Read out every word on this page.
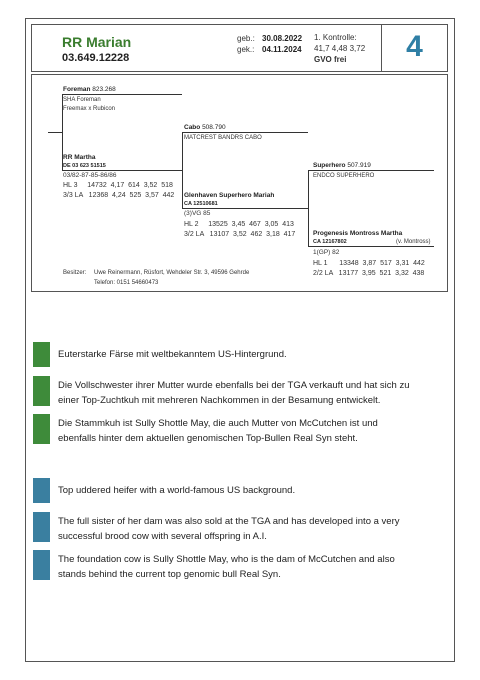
RR Marian
03.649.12228
geb.: 30.08.2022
gek.: 04.11.2024	4
1. Kontrolle:
41,7 4,48 3,72
GVO frei
Foreman 823.268
SHA Foreman
Freemax x Rubicon
RR Martha
DE 03 623 51515
03/82-87-85-86/86
HL 3     14732  4,17  614  3,52  518
3/3 LA   12368  4,24  525  3,57  442
Cabo 508.790
MATCREST BANDRS CABO
Glenhaven Superhero Mariah
CA 12510681
(3)VG 85
HL 2     13525  3,45  467  3,05  413
3/2 LA   13107  3,52  462  3,18  417
Superhero 507.919
ENDCO SUPERHERO
Progenesis Montross Martha
CA 12167802	(v. Montross)
1(GP) 82
HL 1      13348  3,87  517  3,31  442
2/2 LA   13177  3,95  521  3,32  438
Besitzer: Uwe Reinermann, Rüsfort, Wehdeler Str. 3, 49596 Gehrde
Telefon: 0151 54660473
Euterstarke Färse mit weltbekanntem US-Hintergrund.
Die Vollschwester ihrer Mutter wurde ebenfalls bei der TGA verkauft und hat sich zu einer Top-Zuchtkuh mit mehreren Nachkommen in der Besamung entwickelt.
Die Stammkuh ist Sully Shottle May, die auch Mutter von McCutchen ist und ebenfalls hinter dem aktuellen genomischen Top-Bullen Real Syn steht.
Top uddered heifer with a world-famous US background.
The full sister of her dam was also sold at the TGA and has developed into a very successful brood cow with several offspring in A.I.
The foundation cow is Sully Shottle May, who is the dam of McCutchen and also stands behind the current top genomic bull Real Syn.
